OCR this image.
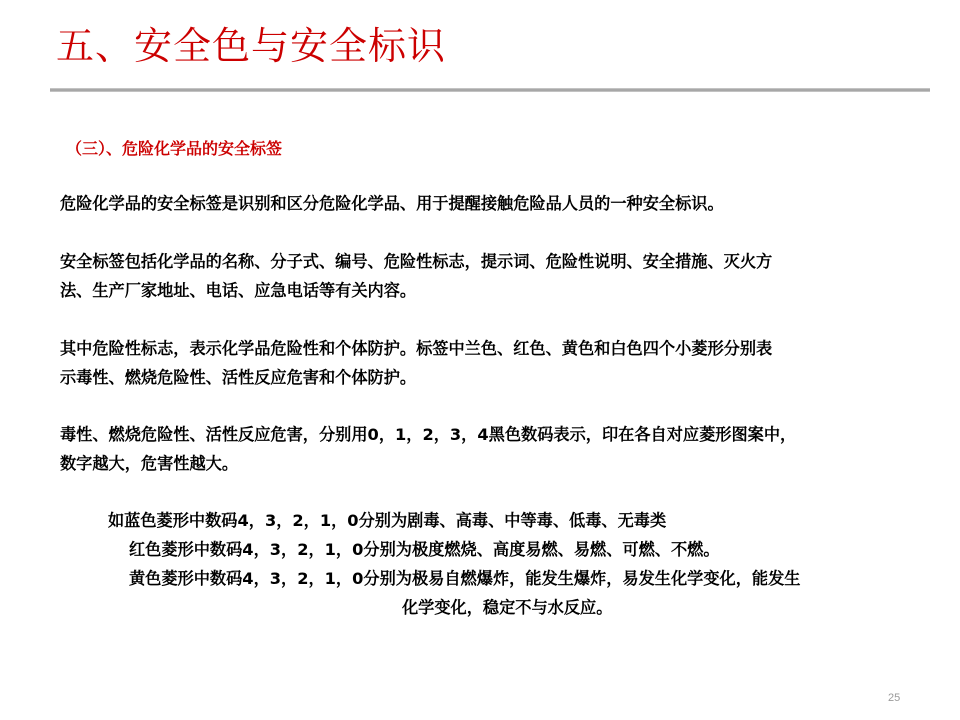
五、安全色与安全标识
（三）、危险化学品的安全标签

危险化学品的安全标签是识别和区分危险化学品、用于提醒接触危险品人员的一种安全标识。

安全标签包括化学品的名称、分子式、编号、危险性标志，提示词、危险性说明、安全措施、灭火方
法、生产厂家地址、电话、应急电话等有关内容。

其中危险性标志，表示化学品危险性和个体防护。标签中兰色、红色、黄色和白色四个小菱形分别表
示毒性、燃烧危险性、活性反应危害和个体防护。

毒性、燃烧危险性、活性反应危害，分别用0，1，2，3，4黑色数码表示，印在各自对应菱形图案中，
数字越大，危害性越大。

如蓝色菱形中数码4，3，2，1，0分别为剧毒、高毒、中等毒、低毒、无毒类
红色菱形中数码4，3，2，1，0分别为极度燃烧、高度易燃、易燃、可燃、不燃。
黄色菱形中数码4，3，2，1，0分别为极易自燃爆炸，能发生爆炸，易发生化学变化，能发生
化学变化，稳定不与水反应。
25
